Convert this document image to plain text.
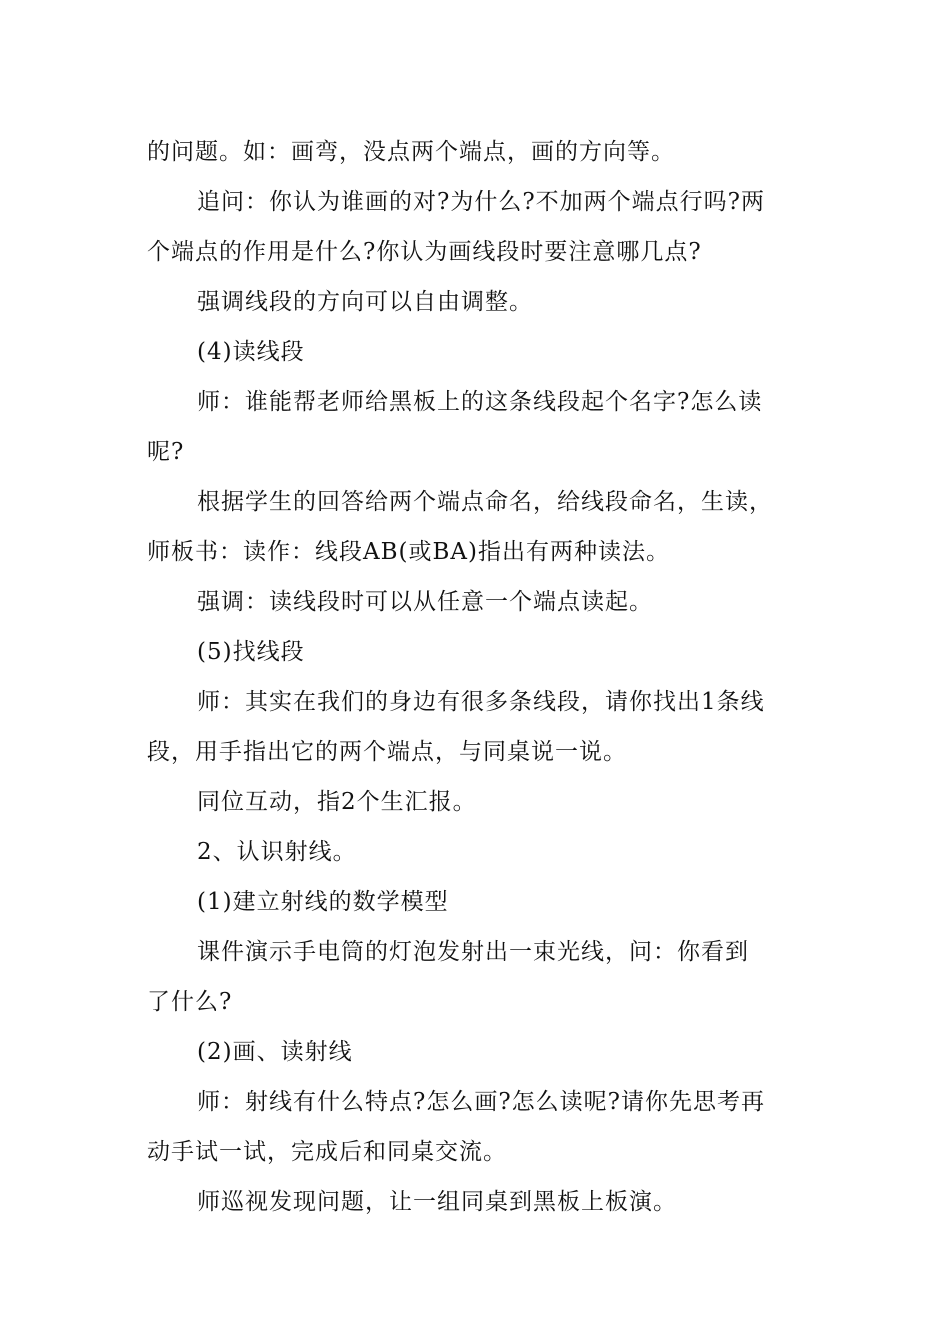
的问题。如：画弯，没点两个端点，画的方向等。
追问：你认为谁画的对?为什么?不加两个端点行吗?两
个端点的作用是什么?你认为画线段时要注意哪几点?
强调线段的方向可以自由调整。
(4)读线段
师：谁能帮老师给黑板上的这条线段起个名字?怎么读
呢?
根据学生的回答给两个端点命名，给线段命名，生读，
师板书：读作：线段AB(或BA)指出有两种读法。
强调：读线段时可以从任意一个端点读起。
(5)找线段
师：其实在我们的身边有很多条线段，请你找出1条线
段，用手指出它的两个端点，与同桌说一说。
同位互动，指2个生汇报。
2、认识射线。
(1)建立射线的数学模型
课件演示手电筒的灯泡发射出一束光线，问：你看到
了什么?
(2)画、读射线
师：射线有什么特点?怎么画?怎么读呢?请你先思考再
动手试一试，完成后和同桌交流。
师巡视发现问题，让一组同桌到黑板上板演。
